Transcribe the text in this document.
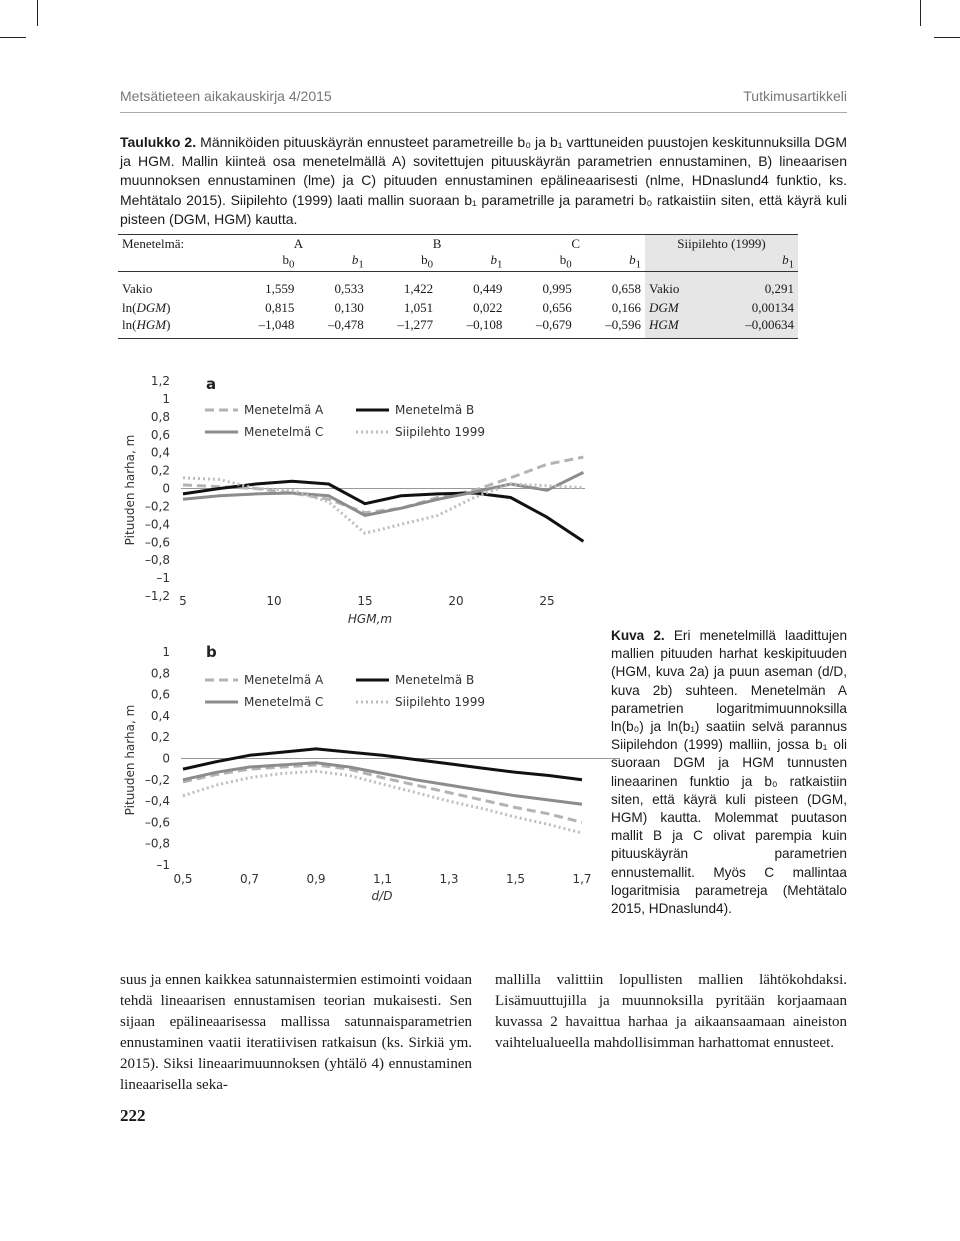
Metsätieteen aikakauskirja 4/2015	Tutkimusartikkeli
Taulukko 2. Männiköiden pituuskäyrän ennusteet parametreille b₀ ja b₁ varttuneiden puustojen keskitunnuksilla DGM ja HGM. Mallin kiinteä osa menetelmällä A) sovitettujen pituuskäyrän parametrien ennustaminen, B) lineaarisen muunnoksen ennustaminen (lme) ja C) pituuden ennustaminen epälineaarisesti (nlme, HDnaslund4 funktio, ks. Mehtätalo 2015). Siipilehto (1999) laati mallin suoraan b₁ parametrille ja parametri b₀ ratkaistiin siten, että käyrä kuli pisteen (DGM, HGM) kautta.
Menetelmä:	A		B		C		Siipilehto (1999)	
	$b_0$	$b_1$	$b_0$	$b_1$	$b_0$	$b_1$		$b_1$
Vakio	1,559	0,533	1,422	0,449	0,995	0,658	Vakio	0,291
ln(DGM)	0,815	0,130	1,051	0,022	0,656	0,166	DGM	0,00134
ln(HGM)	–1,048	–0,478	–1,277	–0,108	–0,679	–0,596	HGM	–0,00634
1,2
1
0,8
0,6
0,4
0,2
0
–0,2
–0,4
–0,6
–0,8
–1
–1,2 5	10	15	20	25
HGM,m
Pituuden harha, m
a
Menetelmä A	Menetelmä B
Menetelmä C	Siipilehto 1999
1
0,8
0,6
0,4
0,2
0
–0,2
–0,4
–0,6
–0,8
–1
0,5	0,7	0,9	1,1	1,3	1,5	1,7
d/D
Pituuden harha, m
b
Menetelmä A	Menetelmä B
Menetelmä C	Siipilehto 1999
Kuva 2. Eri menetelmillä laadittujen mallien pituuden harhat keskipituuden (HGM, kuva 2a) ja puun aseman (d/D, kuva 2b) suhteen. Menetelmän A parametrien logaritmimuunnoksilla ln(b₀) ja ln(b₁) saatiin selvä parannus Siipilehdon (1999) malliin, jossa b₁ oli suoraan DGM ja HGM tunnusten lineaarinen funktio ja b₀ ratkaistiin siten, että käyrä kuli pisteen (DGM, HGM) kautta. Molemmat puutason mallit B ja C olivat parempia kuin pituuskäyrän parametrien ennustemallit. Myös C mallintaa logaritmisia parametreja (Mehtätalo 2015, HDnaslund4).
suus ja ennen kaikkea satunnaistermien estimointi voidaan tehdä lineaarisen ennustamisen teorian mukaisesti. Sen sijaan epälineaarisessa mallissa satunnaisparametrien ennustaminen vaatii iteratiivisen ratkaisun (ks. Sirkiä ym. 2015). Siksi lineaarimuunnoksen (yhtälö 4) ennustaminen lineaarisella seka-
mallilla valittiin lopullisten mallien lähtökohdaksi. Lisämuuttujilla ja muunnoksilla pyritään korjaamaan kuvassa 2 havaittua harhaa ja aikaansaamaan aineiston vaihtelualueella mahdollisimman harhattomat ennusteet.
222
